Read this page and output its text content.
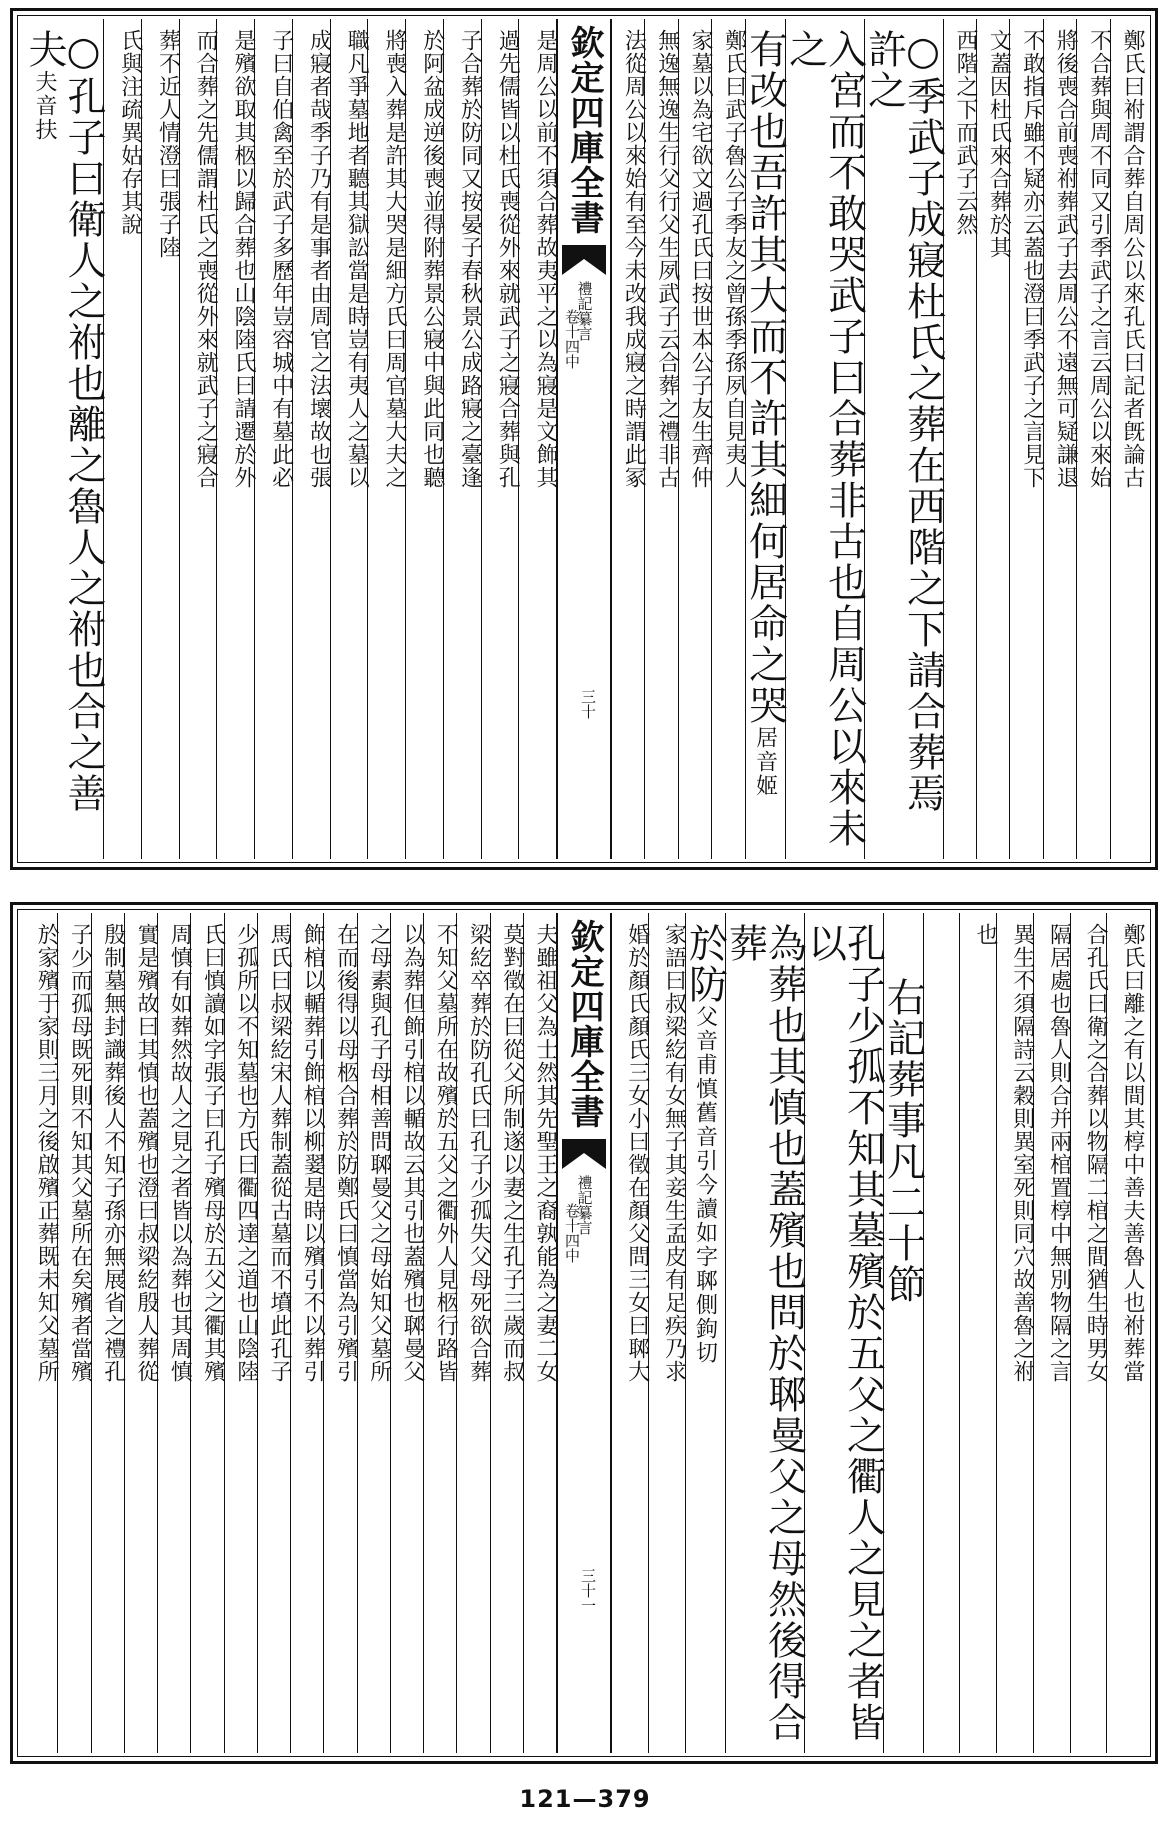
鄭氏曰祔謂合葬自周公以來孔氏曰記者旣論古
不合葬與周不同又引季武子之言云周公以來始
將後喪合前喪祔葬武子去周公不遠無可疑謙退
不敢指斥雖不疑亦云蓋也澄曰季武子之言見下
文蓋因杜氏來合葬於其
西階之下而武子云然
○季武子成寢杜氏之葬在西階之下請合葬焉許之
入宮而不敢哭武子曰合葬非古也自周公以來未之
有改也吾許其大而不許其細何居命之哭居音姬
鄭氏曰武子魯公子季友之曾孫季孫夙自見夷人
家墓以為宅欲文過孔氏曰按世本公子友生齊仲
無逸無逸生行父行父生夙武子云合葬之禮非古
法從周公以來始有至今未改我成寢之時謂此冢
欽定四庫全書
禮記纂言
卷十四中
三十
是周公以前不須合葬故夷平之以為寢是文飾其
過先儒皆以杜氏喪從外來就武子之寢合葬與孔
子合葬於防同又按晏子春秋景公成路寢之臺逢
於阿盆成逆後喪並得附葬景公寢中與此同也聽
將喪入葬是許其大哭是細方氏曰周官墓大夫之
職凡爭墓地者聽其獄訟當是時豈有夷人之墓以
成寢者哉季子乃有是事者由周官之法壞故也張
子曰自伯禽至於武子多歷年豈容城中有墓此必
是殯欲取其柩以歸合葬也山陰陸氏曰請遷於外
而合葬之先儒謂杜氏之喪從外來就武子之寢合
葬不近人情澄曰張子陸
氏與注疏異姑存其說
○孔子曰衛人之祔也離之魯人之祔也合之善夫夫音扶
鄭氏曰離之有以間其椁中善夫善魯人也祔葬當
合孔氏曰衛之合葬以物隔二棺之間猶生時男女
隔居處也魯人則合并兩棺置椁中無別物隔之言
異生不須隔詩云穀則異室死則同穴故善魯之祔
也
右記葬事凡二十節
孔子少孤不知其墓殯於五父之衢人之見之者皆以
為葬也其慎也蓋殯也問於郰曼父之母然後得合葬
於防父音甫慎舊音引今讀如字郰側鉤切
家語曰叔梁紇有女無子其妾生孟皮有足疾乃求
婚於顏氏顏氏三女小曰徵在顏父問三女曰郰大
欽定四庫全書
禮記纂言
卷十四中
三十一
夫雖祖父為士然其先聖王之裔孰能為之妻二女
莫對徵在曰從父所制遂以妻之生孔子三歲而叔
梁紇卒葬於防孔氏曰孔子少孤失父母死欲合葬
不知父墓所在故殯於五父之衢外人見柩行路皆
以為葬但飾引棺以輴故云其引也蓋殯也郰曼父
之母素與孔子母相善問郰曼父之母始知父墓所
在而後得以母柩合葬於防鄭氏曰慎當為引殯引
飾棺以輴葬引飾棺以柳翣是時以殯引不以葬引
馬氏曰叔梁紇宋人葬制蓋從古墓而不墳此孔子
少孤所以不知墓也方氏曰衢四達之道也山陰陸
氏曰慎讀如字張子曰孔子殯母於五父之衢其殯
周慎有如葬然故人之見之者皆以為葬也其周慎
實是殯故曰其慎也蓋殯也澄曰叔梁紇殷人葬從
殷制墓無封識葬後人不知子孫亦無展省之禮孔
子少而孤母既死則不知其父墓所在矣殯者當殯
於家殯于家則三月之後啟殯正葬既未知父墓所
121—379
